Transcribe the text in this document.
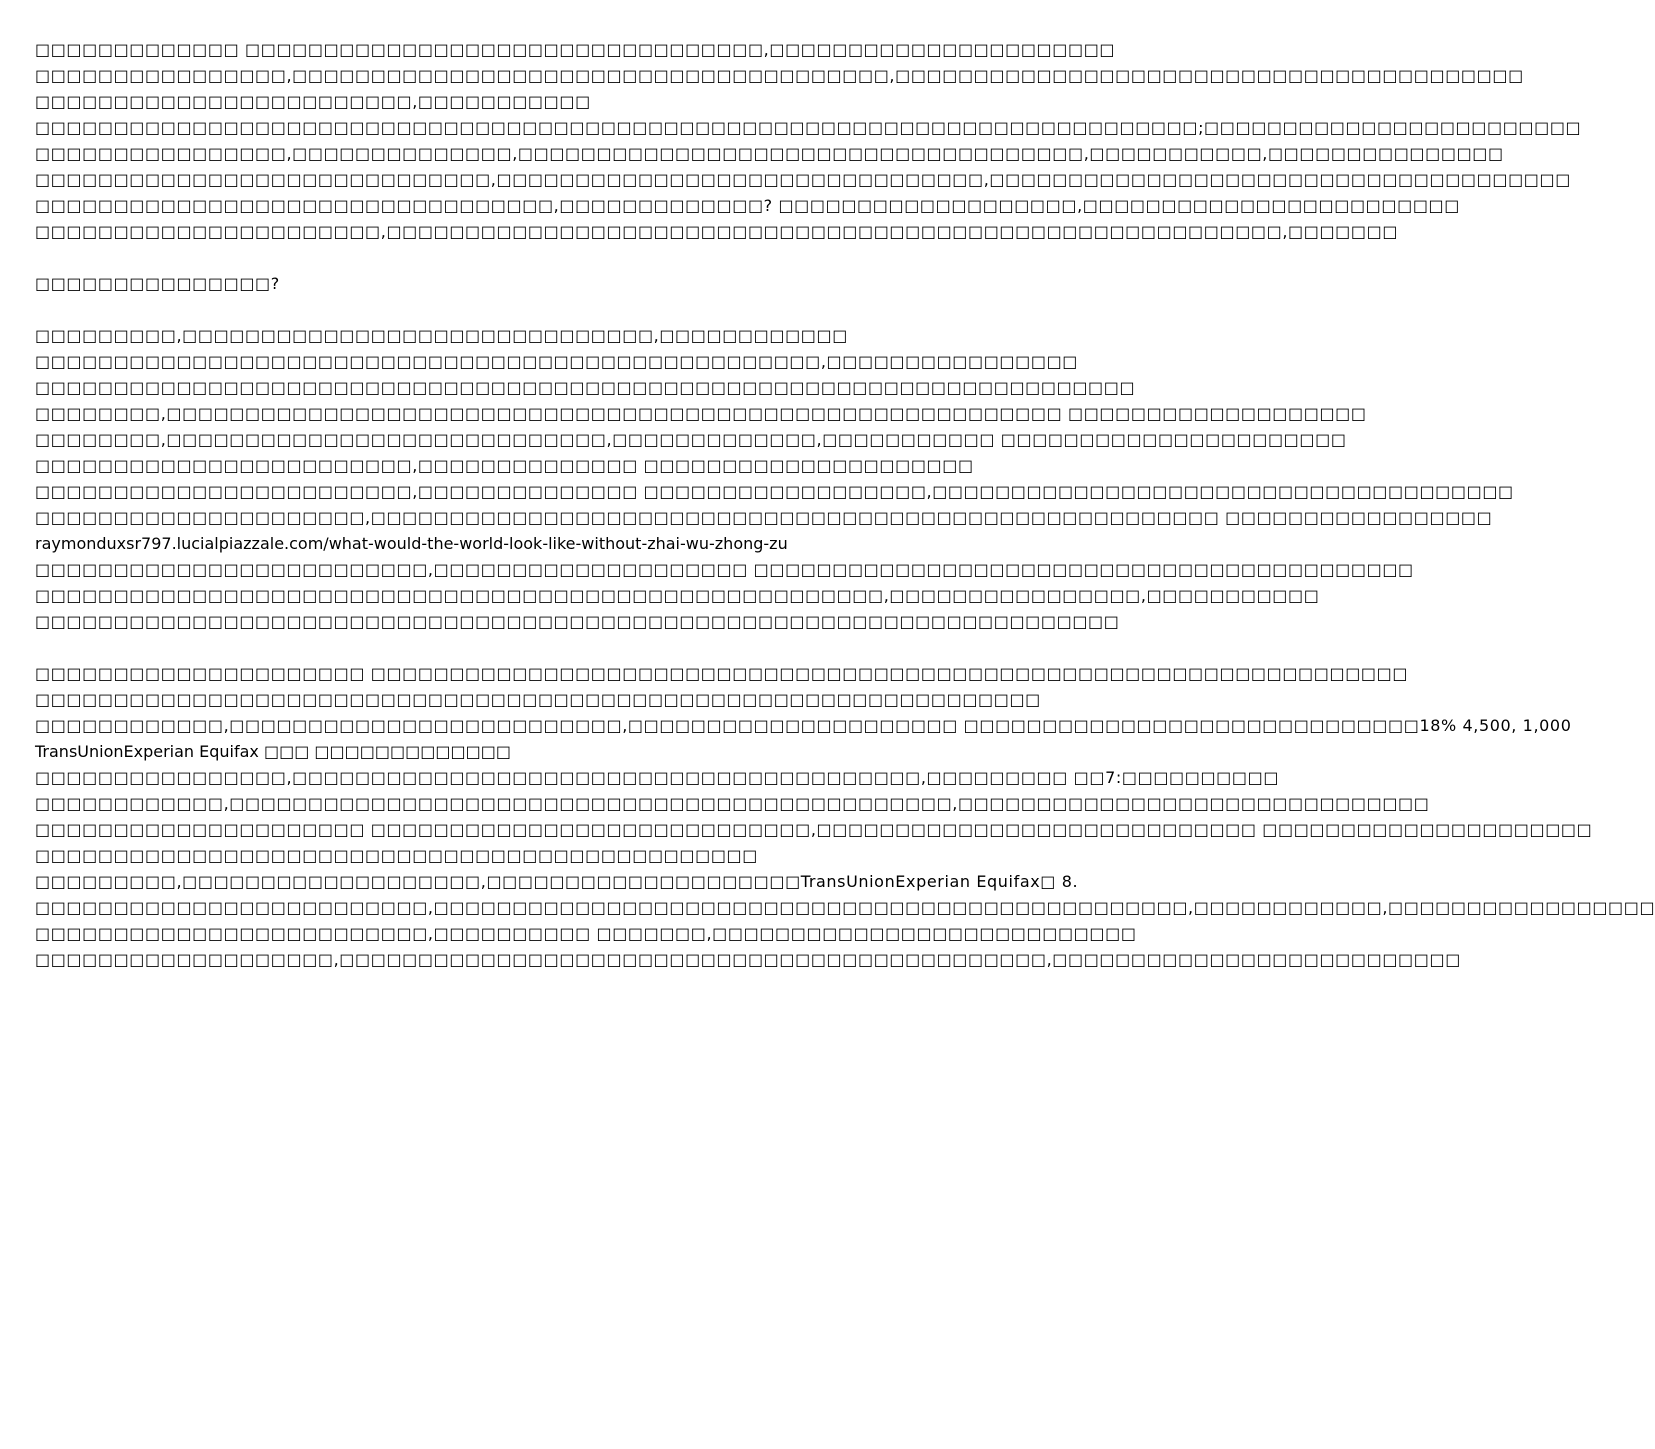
□□□□□□□□□□□□□ □□□□□□□□□□□□□□□□□□□□□□□□□□□□□□□□□,□□□□□□□□□□□□□□□□□□□□□□
□□□□□□□□□□□□□□□□,□□□□□□□□□□□□□□□□□□□□□□□□□□□□□□□□□□□□□□,□□□□□□□□□□□□□□□□□□□□□□□□□□□□□□□□□□□□□□□□
□□□□□□□□□□□□□□□□□□□□□□□□,□□□□□□□□□□□
□□□□□□□□□□□□□□□□□□□□□□□□□□□□□□□□□□□□□□□□□□□□□□□□□□□□□□□□□□□□□□□□□□□□□□□□□□;□□□□□□□□□□□□□□□□□□□□□□□□
□□□□□□□□□□□□□□□□,□□□□□□□□□□□□□□,□□□□□□□□□□□□□□□□□□□□□□□□□□□□□□□□□□□□,□□□□□□□□□□□,□□□□□□□□□□□□□□□
□□□□□□□□□□□□□□□□□□□□□□□□□□□□□,□□□□□□□□□□□□□□□□□□□□□□□□□□□□□□□,□□□□□□□□□□□□□□□□□□□□□□□□□□□□□□□□□□□□□
□□□□□□□□□□□□□□□□□□□□□□□□□□□□□□□□□,□□□□□□□□□□□□□? □□□□□□□□□□□□□□□□□□□,□□□□□□□□□□□□□□□□□□□□□□□□
□□□□□□□□□□□□□□□□□□□□□□,□□□□□□□□□□□□□□□□□□□□□□□□□□□□□□□□□□□□□□□□□□□□□□□□□□□□□□□□□,□□□□□□□
□□□□□□□□□□□□□□□?
□□□□□□□□□,□□□□□□□□□□□□□□□□□□□□□□□□□□□□□□,□□□□□□□□□□□□
□□□□□□□□□□□□□□□□□□□□□□□□□□□□□□□□□□□□□□□□□□□□□□□□□□,□□□□□□□□□□□□□□□□
□□□□□□□□□□□□□□□□□□□□□□□□□□□□□□□□□□□□□□□□□□□□□□□□□□□□□□□□□□□□□□□□□□□□□□
□□□□□□□□,□□□□□□□□□□□□□□□□□□□□□□□□□□□□□□□□□□□□□□□□□□□□□□□□□□□□□□□□□ □□□□□□□□□□□□□□□□□□□
□□□□□□□□,□□□□□□□□□□□□□□□□□□□□□□□□□□□□,□□□□□□□□□□□□□,□□□□□□□□□□□ □□□□□□□□□□□□□□□□□□□□□□
□□□□□□□□□□□□□□□□□□□□□□□□,□□□□□□□□□□□□□□ □□□□□□□□□□□□□□□□□□□□□
□□□□□□□□□□□□□□□□□□□□□□□□,□□□□□□□□□□□□□□ □□□□□□□□□□□□□□□□□□,□□□□□□□□□□□□□□□□□□□□□□□□□□□□□□□□□□□□□
□□□□□□□□□□□□□□□□□□□□□,□□□□□□□□□□□□□□□□□□□□□□□□□□□□□□□□□□□□□□□□□□□□□□□□□□□□□□ □□□□□□□□□□□□□□□□□
raymonduxsr797.lucialpiazzale.com/what-would-the-world-look-like-without-zhai-wu-zhong-zu
□□□□□□□□□□□□□□□□□□□□□□□□□,□□□□□□□□□□□□□□□□□□□□ □□□□□□□□□□□□□□□□□□□□□□□□□□□□□□□□□□□□□□□□□□
□□□□□□□□□□□□□□□□□□□□□□□□□□□□□□□□□□□□□□□□□□□□□□□□□□□□□□,□□□□□□□□□□□□□□□□,□□□□□□□□□□□
□□□□□□□□□□□□□□□□□□□□□□□□□□□□□□□□□□□□□□□□□□□□□□□□□□□□□□□□□□□□□□□□□□□□□
□□□□□□□□□□□□□□□□□□□□□ □□□□□□□□□□□□□□□□□□□□□□□□□□□□□□□□□□□□□□□□□□□□□□□□□□□□□□□□□□□□□□□□□□
□□□□□□□□□□□□□□□□□□□□□□□□□□□□□□□□□□□□□□□□□□□□□□□□□□□□□□□□□□□□□□□□
□□□□□□□□□□□□,□□□□□□□□□□□□□□□□□□□□□□□□□,□□□□□□□□□□□□□□□□□□□□□ □□□□□□□□□□□□□□□□□□□□□□□□□□□□□18% 4,500, 1,000
TransUnionExperian Equifax □□□ □□□□□□□□□□□□□
□□□□□□□□□□□□□□□□,□□□□□□□□□□□□□□□□□□□□□□□□□□□□□□□□□□□□□□□□,□□□□□□□□□ □□7:□□□□□□□□□□
□□□□□□□□□□□□,□□□□□□□□□□□□□□□□□□□□□□□□□□□□□□□□□□□□□□□□□□□□□□,□□□□□□□□□□□□□□□□□□□□□□□□□□□□□□
□□□□□□□□□□□□□□□□□□□□□ □□□□□□□□□□□□□□□□□□□□□□□□□□□□,□□□□□□□□□□□□□□□□□□□□□□□□□□□□ □□□□□□□□□□□□□□□□□□□□□
□□□□□□□□□□□□□□□□□□□□□□□□□□□□□□□□□□□□□□□□□□□□□□
□□□□□□□□□,□□□□□□□□□□□□□□□□□□□,□□□□□□□□□□□□□□□□□□□□TransUnionExperian Equifax□ 8.
□□□□□□□□□□□□□□□□□□□□□□□□□,□□□□□□□□□□□□□□□□□□□□□□□□□□□□□□□□□□□□□□□□□□□□□□□□,□□□□□□□□□□□□,□□□□□□□□□□□□□□□□□
□□□□□□□□□□□□□□□□□□□□□□□□□,□□□□□□□□□□ □□□□□□□,□□□□□□□□□□□□□□□□□□□□□□□□□□□
□□□□□□□□□□□□□□□□□□□,□□□□□□□□□□□□□□□□□□□□□□□□□□□□□□□□□□□□□□□□□□□□□,□□□□□□□□□□□□□□□□□□□□□□□□□□
